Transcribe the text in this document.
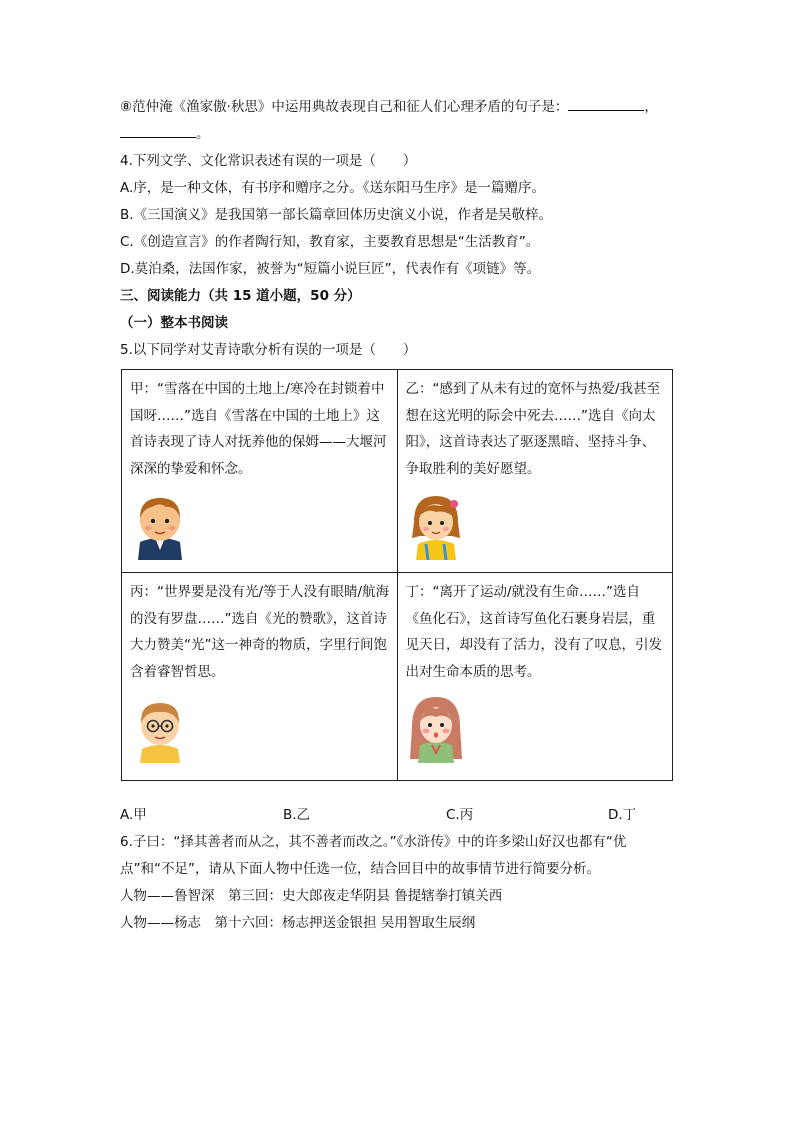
⑧范仲淹《渔家傲·秋思》中运用典故表现自己和征人们心理矛盾的句子是：	，
。
4.下列文学、文化常识表述有误的一项是（　　）
A.序，是一种文体，有书序和赠序之分。《送东阳马生序》是一篇赠序。
B.《三国演义》是我国第一部长篇章回体历史演义小说，作者是吴敬梓。
C.《创造宣言》的作者陶行知，教育家，主要教育思想是“生活教育”。
D.莫泊桑，法国作家，被誉为“短篇小说巨匠”，代表作有《项链》等。
三、阅读能力（共 15 道小题，50 分）
（一）整本书阅读
5.以下同学对艾青诗歌分析有误的一项是（　　）
甲：“雪落在中国的土地上/寒冷在封锁着中国呀……”选自《雪落在中国的土地上》这首诗表现了诗人对抚养他的保姆——大堰河深深的挚爱和怀念。	乙：“感到了从未有过的宽怀与热爱/我甚至想在这光明的际会中死去……”选自《向太阳》，这首诗表达了驱逐黑暗、坚持斗争、争取胜利的美好愿望。

丙：“世界要是没有光/等于人没有眼睛/航海的没有罗盘……”选自《光的赞歌》，这首诗大力赞美“光”这一神奇的物质，字里行间饱含着睿智哲思。	丁：“离开了运动/就没有生命……”选自《鱼化石》，这首诗写鱼化石裹身岩层，重见天日，却没有了活力，没有了叹息，引发出对生命本质的思考。
A.甲	B.乙	C.丙	D.丁
6.子曰：“择其善者而从之，其不善者而改之。”《水浒传》中的许多梁山好汉也都有“优
点”和“不足”，请从下面人物中任选一位，结合回目中的故事情节进行简要分析。
人物——鲁智深　第三回：史大郎夜走华阴县 鲁提辖拳打镇关西
人物——杨志　第十六回：杨志押送金银担 吴用智取生辰纲
